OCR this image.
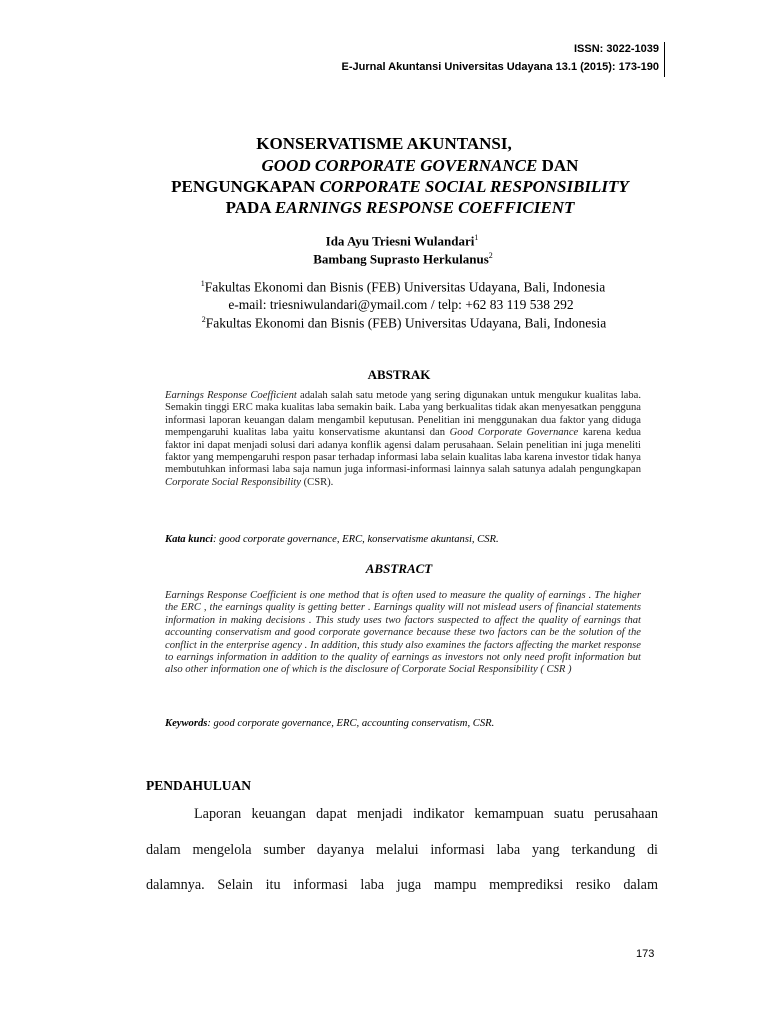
ISSN: 3022-1039
E-Jurnal Akuntansi Universitas Udayana 13.1 (2015): 173-190
KONSERVATISME AKUNTANSI,
GOOD CORPORATE GOVERNANCE DAN
PENGUNGKAPAN CORPORATE SOCIAL RESPONSIBILITY
PADA EARNINGS RESPONSE COEFFICIENT
Ida Ayu Triesni Wulandari$^1$
Bambang Suprasto Herkulanus$^2$
$^1$Fakultas Ekonomi dan Bisnis (FEB) Universitas Udayana, Bali, Indonesia
e-mail: triesniwulandari@ymail.com / telp: +62 83 119 538 292
$^2$Fakultas Ekonomi dan Bisnis (FEB) Universitas Udayana, Bali, Indonesia
ABSTRAK
Earnings Response Coefficient adalah salah satu metode yang sering digunakan untuk mengukur kualitas laba. Semakin tinggi ERC maka kualitas laba semakin baik. Laba yang berkualitas tidak akan menyesatkan pengguna informasi laporan keuangan dalam mengambil keputusan. Penelitian ini menggunakan dua faktor yang diduga mempengaruhi kualitas laba yaitu konservatisme akuntansi dan Good Corporate Governance karena kedua faktor ini dapat menjadi solusi dari adanya konflik agensi dalam perusahaan. Selain penelitian ini juga meneliti faktor yang mempengaruhi respon pasar terhadap informasi laba selain kualitas laba karena investor tidak hanya membutuhkan informasi laba saja namun juga informasi-informasi lainnya salah satunya adalah pengungkapan Corporate Social Responsibility (CSR).
Kata kunci: good corporate governance, ERC, konservatisme akuntansi, CSR.
ABSTRACT
Earnings Response Coefficient is one method that is often used to measure the quality of earnings . The higher the ERC , the earnings quality is getting better . Earnings quality will not mislead users of financial statements information in making decisions . This study uses two factors suspected to affect the quality of earnings that accounting conservatism and good corporate governance because these two factors can be the solution of the conflict in the enterprise agency . In addition, this study also examines the factors affecting the market response to earnings information in addition to the quality of earnings as investors not only need profit information but also other information one of which is the disclosure of Corporate Social Responsibility ( CSR )
Keywords: good corporate governance, ERC, accounting conservatism, CSR.
PENDAHULUAN
Laporan keuangan dapat menjadi indikator kemampuan suatu perusahaan
dalam mengelola sumber dayanya melalui informasi laba yang terkandung di
dalamnya. Selain itu informasi laba juga mampu memprediksi resiko dalam
173
